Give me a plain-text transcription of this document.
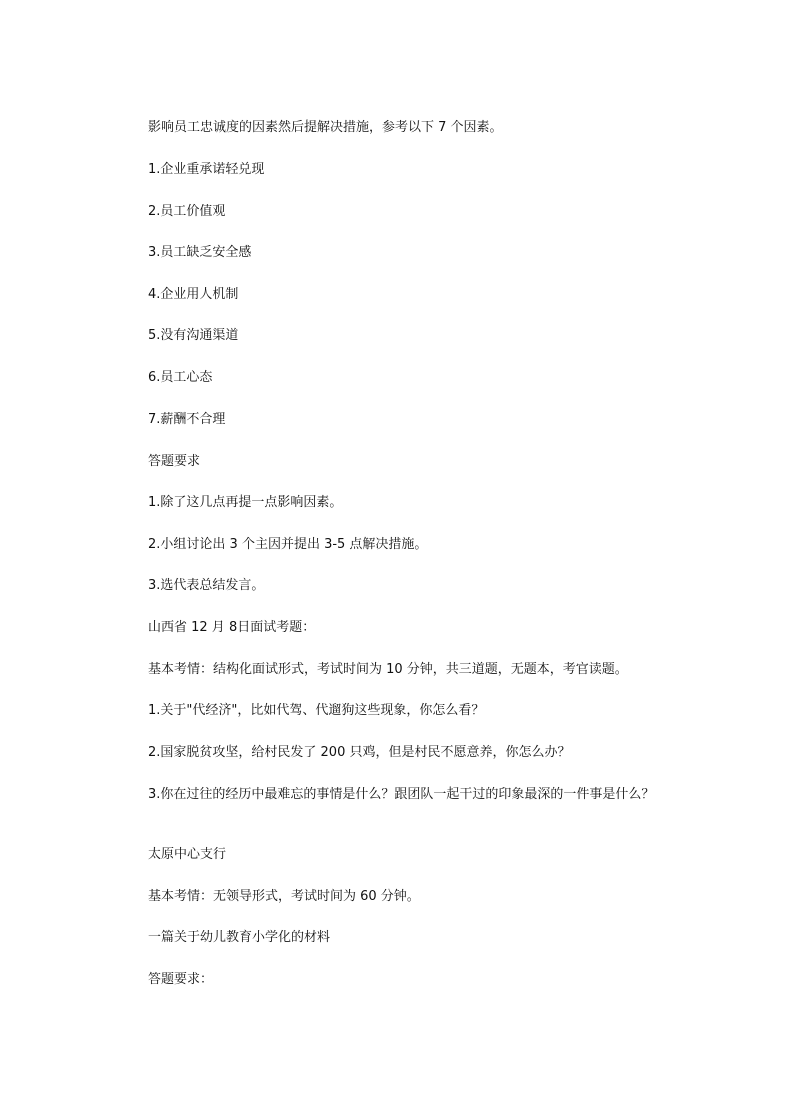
影响员工忠诚度的因素然后提解决措施，参考以下 7 个因素。

1.企业重承诺轻兑现

2.员工价值观

3.员工缺乏安全感

4.企业用人机制

5.没有沟通渠道

6.员工心态

7.薪酬不合理

答题要求

1.除了这几点再提一点影响因素。

2.小组讨论出 3 个主因并提出 3-5 点解决措施。

3.选代表总结发言。

山西省 12 月 8日面试考题：

基本考情：结构化面试形式，考试时间为 10 分钟，共三道题，无题本，考官读题。

1.关于"代经济"，比如代驾、代遛狗这些现象，你怎么看？

2.国家脱贫攻坚，给村民发了 200 只鸡，但是村民不愿意养，你怎么办？

3.你在过往的经历中最难忘的事情是什么？跟团队一起干过的印象最深的一件事是什么？

太原中心支行

基本考情：无领导形式，考试时间为 60 分钟。

一篇关于幼儿教育小学化的材料

答题要求：
